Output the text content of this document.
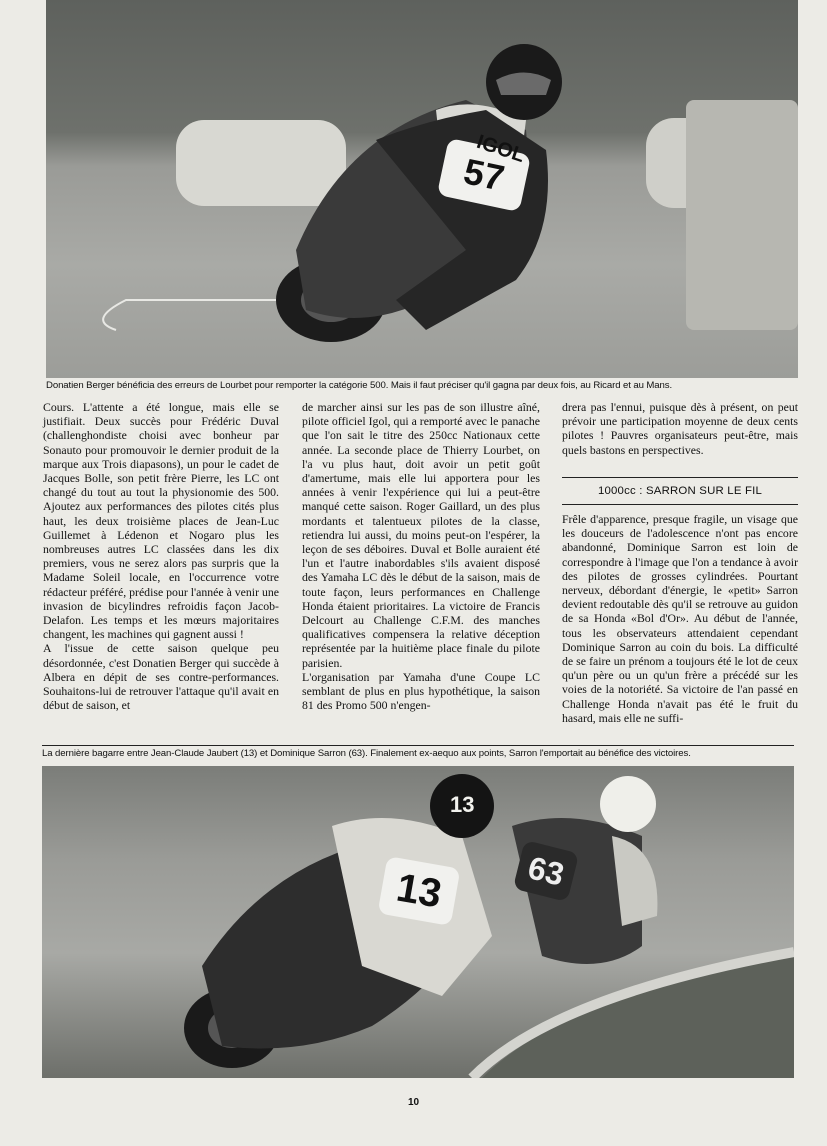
57
IGOL
Donatien Berger bénéficia des erreurs de Lourbet pour remporter la catégorie 500. Mais il faut préciser qu'il gagna par deux fois, au Ricard et au Mans.

Cours. L'attente a été longue, mais elle se justifiait. Deux succès pour Frédéric Duval (challenghondiste choisi avec bonheur par Sonauto pour promouvoir le dernier produit de la marque aux Trois diapasons), un pour le cadet de Jacques Bolle, son petit frère Pierre, les LC ont changé du tout au tout la physionomie des 500. Ajoutez aux performances des pilotes cités plus haut, les deux troisième places de Jean-Luc Guillemet à Lédenon et Nogaro plus les nombreuses autres LC classées dans les dix premiers, vous ne serez alors pas surpris que la Madame Soleil locale, en l'occurrence votre rédacteur préféré, prédise pour l'année à venir une invasion de bicylindres refroidis façon Jacob-Delafon. Les temps et les mœurs majoritaires changent, les machines qui gagnent aussi !

A l'issue de cette saison quelque peu désordonnée, c'est Donatien Berger qui succède à Albera en dépit de ses contre-performances. Souhaitons-lui de retrouver l'attaque qu'il avait en début de saison, et

de marcher ainsi sur les pas de son illustre aîné, pilote officiel Igol, qui a remporté avec le panache que l'on sait le titre des 250cc Nationaux cette année. La seconde place de Thierry Lourbet, on l'a vu plus haut, doit avoir un petit goût d'amertume, mais elle lui apportera pour les années à venir l'expérience qui lui a peut-être manqué cette saison. Roger Gaillard, un des plus mordants et talentueux pilotes de la classe, retiendra lui aussi, du moins peut-on l'espérer, la leçon de ses déboires. Duval et Bolle auraient été l'un et l'autre inabordables s'ils avaient disposé des Yamaha LC dès le début de la saison, mais de toute façon, leurs performances en Challenge Honda étaient prioritaires. La victoire de Francis Delcourt au Challenge C.F.M. des manches qualificatives compensera la relative déception représentée par la huitième place finale du pilote parisien.

L'organisation par Yamaha d'une Coupe LC semblant de plus en plus hypothétique, la saison 81 des Promo 500 n'engen-

drera pas l'ennui, puisque dès à présent, on peut prévoir une participation moyenne de deux cents pilotes ! Pauvres organisateurs peut-être, mais quels bastons en perspectives.

1000cc : SARRON SUR LE FIL

Frêle d'apparence, presque fragile, un visage que les douceurs de l'adolescence n'ont pas encore abandonné, Dominique Sarron est loin de correspondre à l'image que l'on a tendance à avoir des pilotes de grosses cylindrées. Pourtant nerveux, débordant d'énergie, le «petit» Sarron devient redoutable dès qu'il se retrouve au guidon de sa Honda «Bol d'Or». Au début de l'année, tous les observateurs attendaient cependant Dominique Sarron au coin du bois. La difficulté de se faire un prénom a toujours été le lot de ceux qu'un père ou un qu'un frère a précédé sur les voies de la notoriété. Sa victoire de l'an passé en Challenge Honda n'avait pas été le fruit du hasard, mais elle ne suffi-

La dernière bagarre entre Jean-Claude Jaubert (13) et Dominique Sarron (63). Finalement ex-aequo aux points, Sarron l'emportait au bénéfice des victoires.
13
13	63
10
